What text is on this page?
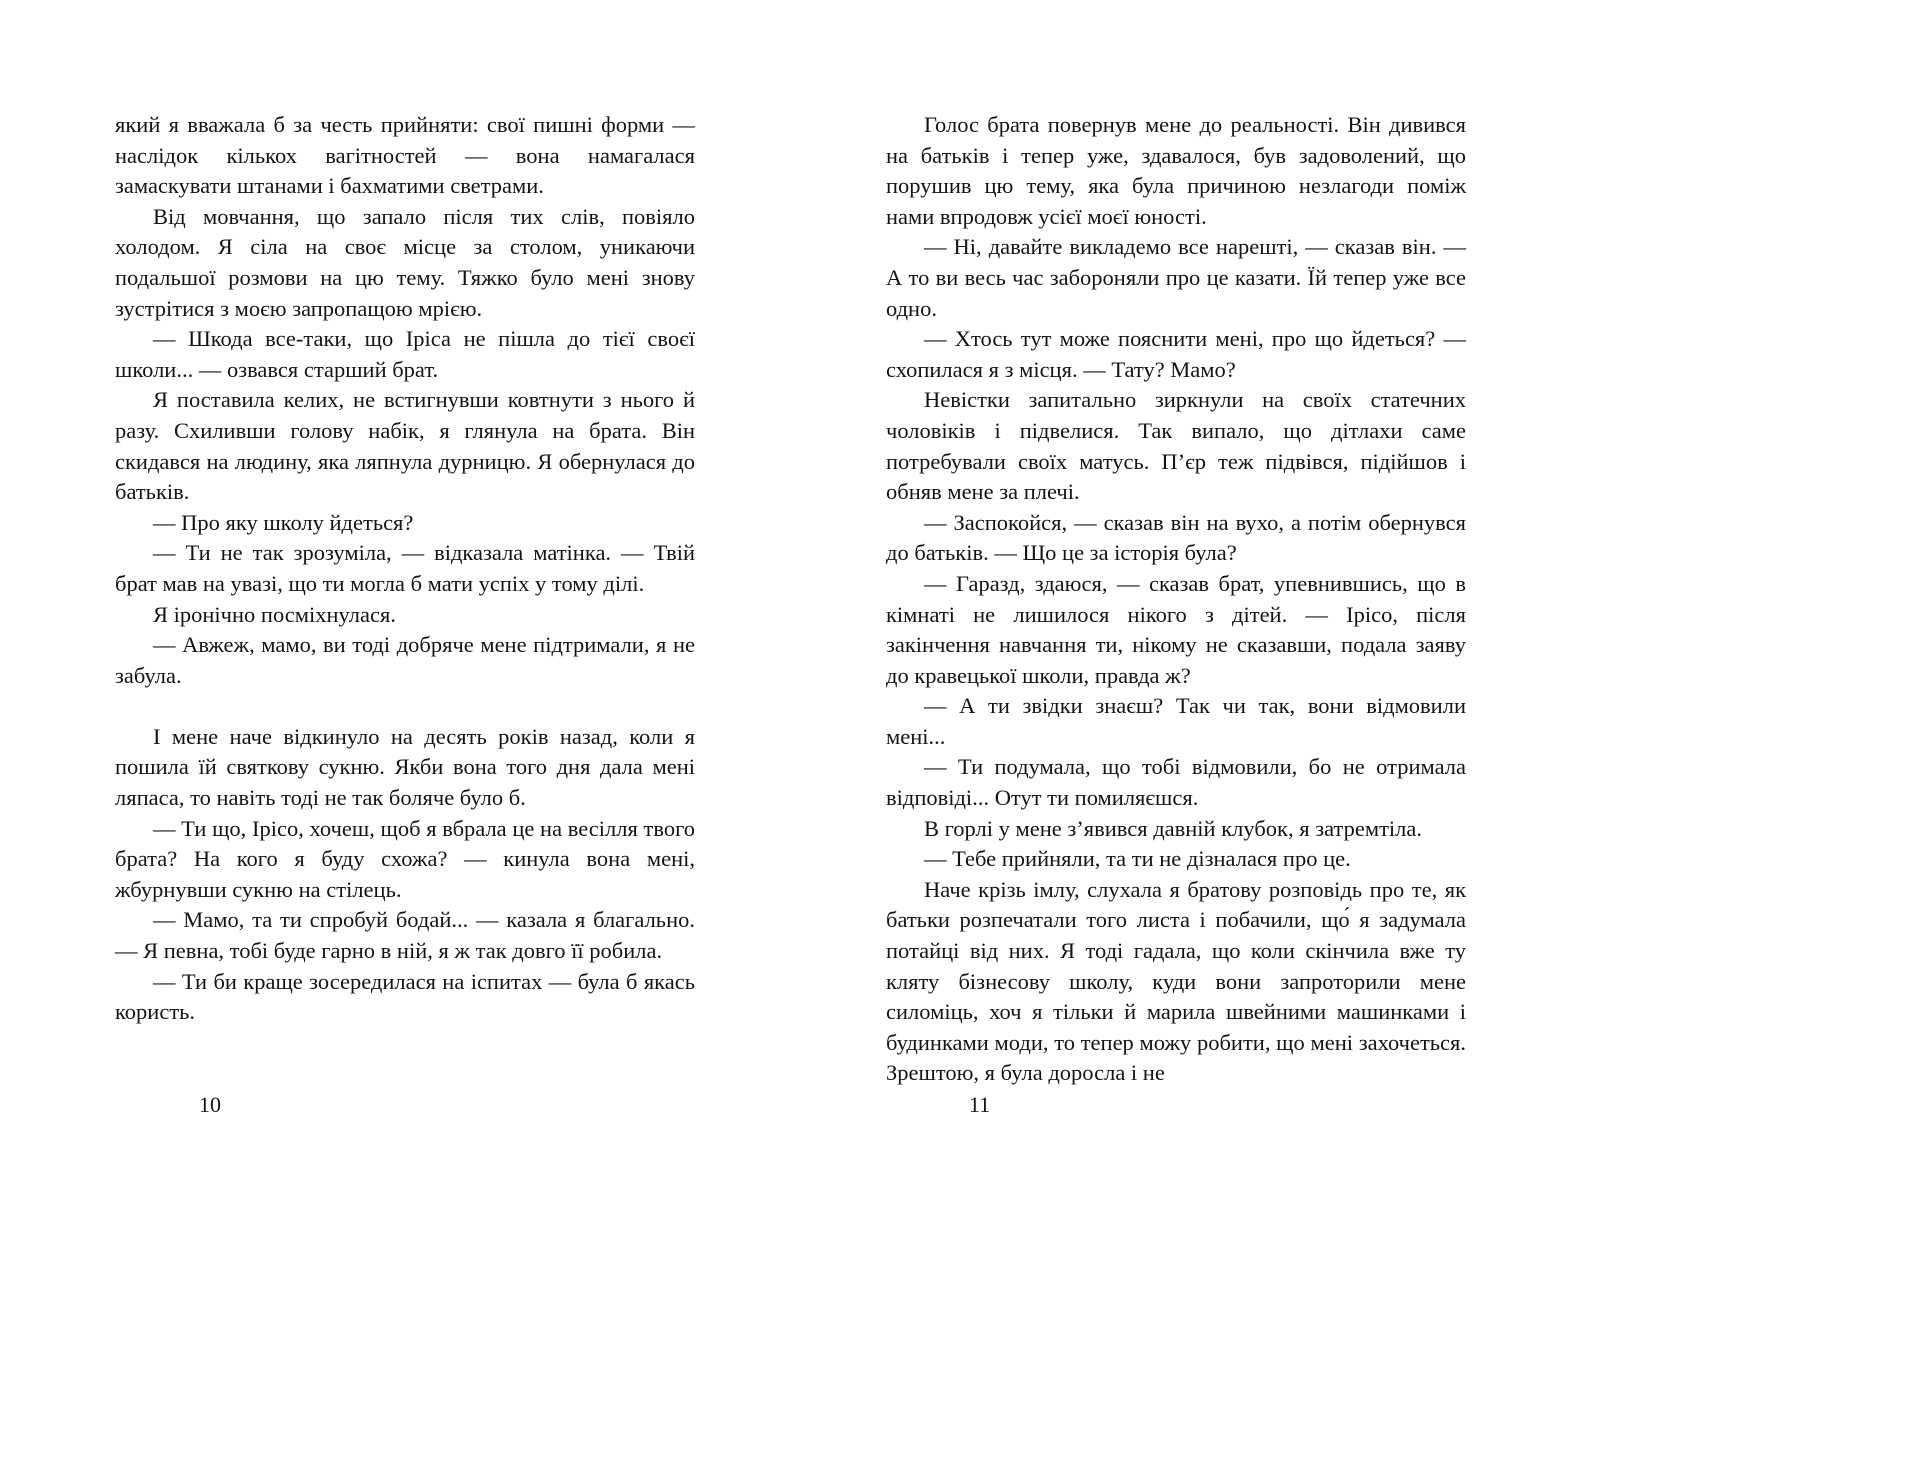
який я вважала б за честь прийняти: свої пишні форми — наслідок кількох вагітностей — вона намагалася замаскувати штанами і бахматими светрами.

Від мовчання, що запало після тих слів, повіяло холодом. Я сіла на своє місце за столом, уникаючи подальшої розмови на цю тему. Тяжко було мені знову зустрітися з моєю запропащою мрією.

— Шкода все-таки, що Іріса не пішла до тієї своєї школи... — озвався старший брат.

Я поставила келих, не встигнувши ковтнути з нього й разу. Схиливши голову набік, я глянула на брата. Він скидався на людину, яка ляпнула дурницю. Я обернулася до батьків.

— Про яку школу йдеться?

— Ти не так зрозуміла, — відказала матінка. — Твій брат мав на увазі, що ти могла б мати успіх у тому ділі.

Я іронічно посміхнулася.

— Авжеж, мамо, ви тоді добряче мене підтримали, я не забула.

І мене наче відкинуло на десять років назад, коли я пошила їй святкову сукню. Якби вона того дня дала мені ляпаса, то навіть тоді не так боляче було б.

— Ти що, Ірісо, хочеш, щоб я вбрала це на весілля твого брата? На кого я буду схожа? — кинула вона мені, жбурнувши сукню на стілець.

— Мамо, та ти спробуй бодай... — казала я благально. — Я певна, тобі буде гарно в ній, я ж так довго її робила.

— Ти би краще зосередилася на іспитах — була б якась користь.

Голос брата повернув мене до реальності. Він дивився на батьків і тепер уже, здавалося, був задоволений, що порушив цю тему, яка була причиною незлагоди поміж нами впродовж усієї моєї юності.

— Ні, давайте викладемо все нарешті, — сказав він. — А то ви весь час забороняли про це казати. Їй тепер уже все одно.

— Хтось тут може пояснити мені, про що йдеться? — схопилася я з місця. — Тату? Мамо?

Невістки запитально зиркнули на своїх статечних чоловіків і підвелися. Так випало, що дітлахи саме потребували своїх матусь. П’єр теж підвівся, підійшов і обняв мене за плечі.

— Заспокойся, — сказав він на вухо, а потім обернувся до батьків. — Що це за історія була?

— Гаразд, здаюся, — сказав брат, упевнившись, що в кімнаті не лишилося нікого з дітей. — Ірісо, після закінчення навчання ти, нікому не сказавши, подала заяву до кравецької школи, правда ж?

— А ти звідки знаєш? Так чи так, вони відмовили мені...

— Ти подумала, що тобі відмовили, бо не отримала відповіді... Отут ти помиляєшся.

В горлі у мене з’явився давній клубок, я затремтіла.

— Тебе прийняли, та ти не дізналася про це.

Наче крізь імлу, слухала я братову розповідь про те, як батьки розпечатали того листа і побачили, що́ я задумала потайці від них. Я тоді гадала, що коли скінчила вже ту кляту бізнесову школу, куди вони запроторили мене силоміць, хоч я тільки й марила швейними машинками і будинками моди, то тепер можу робити, що мені захочеться. Зрештою, я була доросла і не

10	11
